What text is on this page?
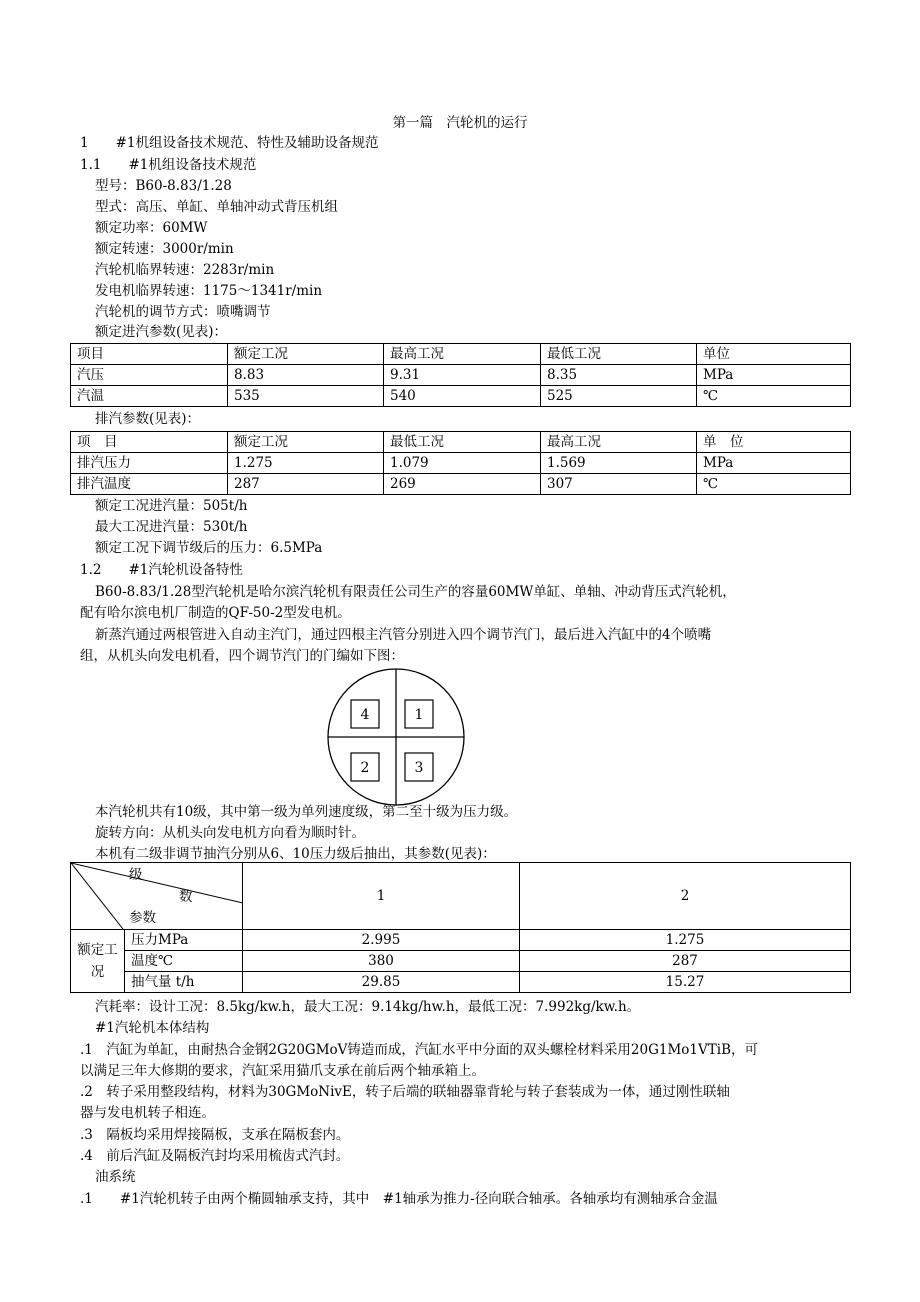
第一篇　汽轮机的运行
1　　#1机组设备技术规范、特性及辅助设备规范
1.1　　#1机组设备技术规范
型号：B60-8.83/1.28
型式：高压、单缸、单轴冲动式背压机组
额定功率：60MW
额定转速：3000r/min
汽轮机临界转速：2283r/min
发电机临界转速：1175～1341r/min
汽轮机的调节方式：喷嘴调节
额定进汽参数(见表)：
项目	额定工况	最高工况	最低工况	单位
汽压	8.83	9.31	8.35	MPa
汽温	535	540	525	℃
排汽参数(见表)：
项　目	额定工况	最低工况	最高工况	单　位
排汽压力	1.275	1.079	1.569	MPa
排汽温度	287	269	307	℃
额定工况进汽量：505t/h
最大工况进汽量：530t/h
额定工况下调节级后的压力：6.5MPa
1.2　　#1汽轮机设备特性
B60-8.83/1.28型汽轮机是哈尔滨汽轮机有限责任公司生产的容量60MW单缸、单轴、冲动背压式汽轮机，
配有哈尔滨电机厂制造的QF-50-2型发电机。
新蒸汽通过两根管进入自动主汽门，通过四根主汽管分别进入四个调节汽门，最后进入汽缸中的4个喷嘴
组，从机头向发电机看，四个调节汽门的门编如下图：
4	1
2	3
本汽轮机共有10级，其中第一级为单列速度级，第二至十级为压力级。
旋转方向：从机头向发电机方向看为顺时针。
本机有二级非调节抽汽分别从6、10压力级后抽出，其参数(见表)：
级
数
参数		1	2
额定工况	压力MPa	2.995	1.275
	温度℃	380	287
	抽气量 t/h	29.85	15.27
汽耗率：设计工况：8.5kg/kw.h，最大工况：9.14kg/hw.h，最低工况：7.992kg/kw.h。
#1汽轮机本体结构
.1　汽缸为单缸，由耐热合金钢2G20GMoV铸造而成，汽缸水平中分面的双头螺栓材料采用20G1Mo1VTiB，可
以满足三年大修期的要求，汽缸采用猫爪支承在前后两个轴承箱上。
.2　转子采用整段结构，材料为30GMoNivE，转子后端的联轴器靠背轮与转子套装成为一体，通过刚性联轴
器与发电机转子相连。
.3　隔板均采用焊接隔板，支承在隔板套内。
.4　前后汽缸及隔板汽封均采用梳齿式汽封。
油系统
.1　　#1汽轮机转子由两个椭圆轴承支持，其中　#1轴承为推力-径向联合轴承。各轴承均有测轴承合金温
